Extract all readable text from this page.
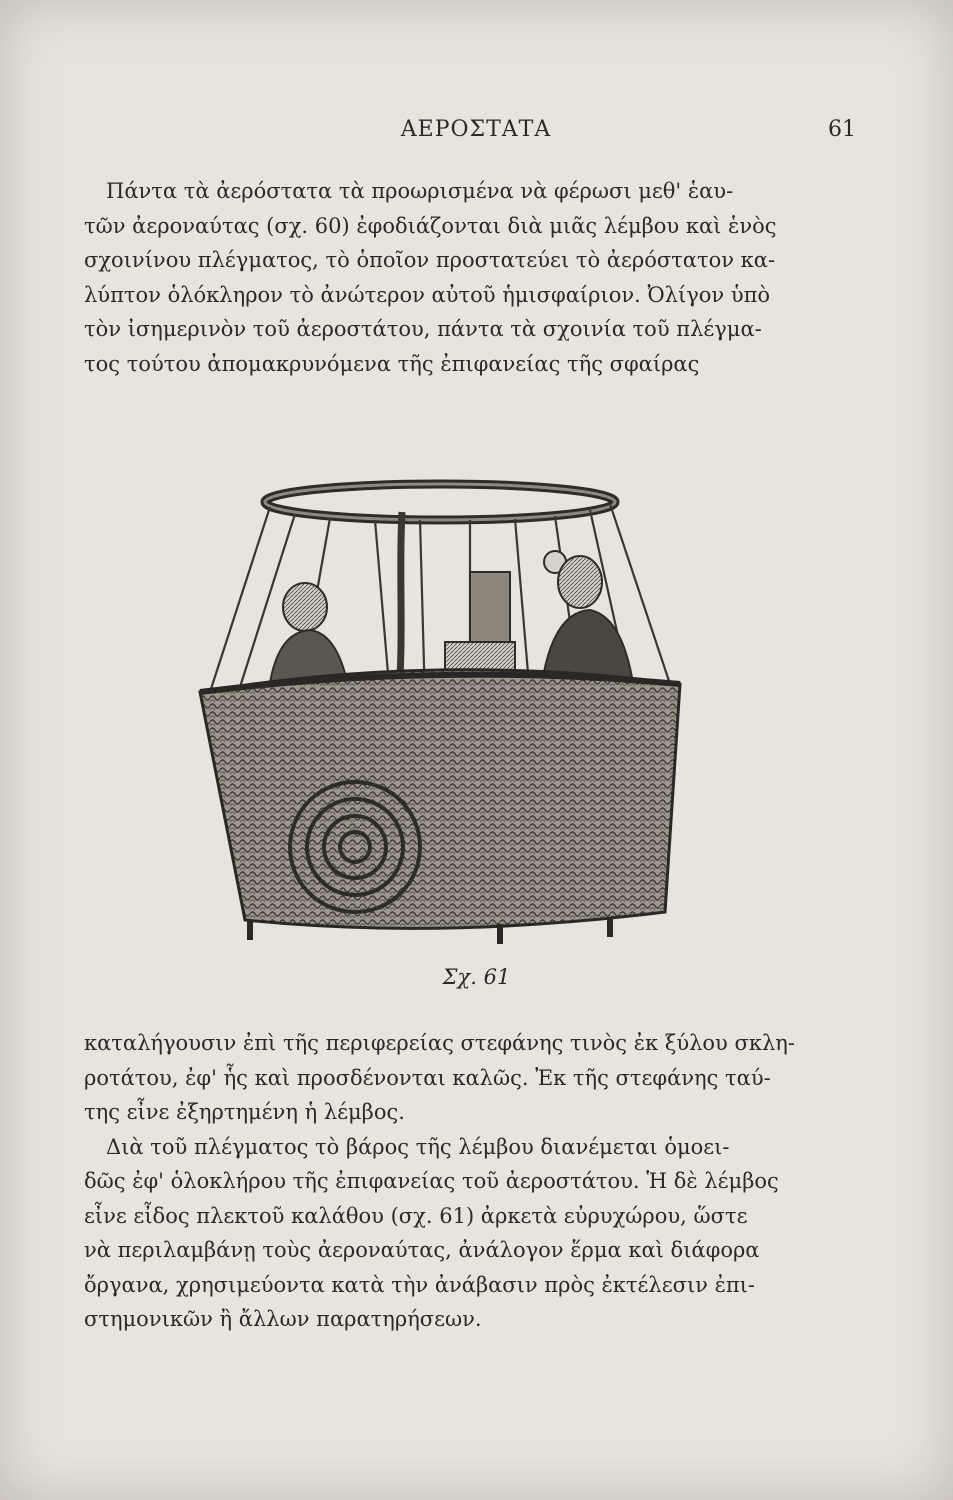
ΑΕΡΟΣΤΑΤΑ	61
Πάντα τὰ ἀερόστατα τὰ προωρισμένα νὰ φέρωσι μεθ' ἑαυ-
τῶν ἀεροναύτας (σχ. 60) ἐφοδιάζονται διὰ μιᾶς λέμβου καὶ ἑνὸς
σχοινίνου πλέγματος, τὸ ὁποῖον προστατεύει τὸ ἀερόστατον κα-
λύπτον ὁλόκληρον τὸ ἀνώτερον αὐτοῦ ἡμισφαίριον. Ὀλίγον ὑπὸ
τὸν ἰσημερινὸν τοῦ ἀεροστάτου, πάντα τὰ σχοινία τοῦ πλέγμα-
τος τούτου ἀπομακρυνόμενα τῆς ἐπιφανείας τῆς σφαίρας
Σχ. 61
καταλήγουσιν ἐπὶ τῆς περιφερείας στεφάνης τινὸς ἐκ ξύλου σκλη-
ροτάτου, ἐφ' ἧς καὶ προσδένονται καλῶς. Ἐκ τῆς στεφάνης ταύ-
της εἶνε ἐξηρτημένη ἡ λέμβος.
Διὰ τοῦ πλέγματος τὸ βάρος τῆς λέμβου διανέμεται ὁμοει-
δῶς ἐφ' ὁλοκλήρου τῆς ἐπιφανείας τοῦ ἀεροστάτου. Ἡ δὲ λέμβος
εἶνε εἶδος πλεκτοῦ καλάθου (σχ. 61) ἀρκετὰ εὐρυχώρου, ὥστε
νὰ περιλαμβάνῃ τοὺς ἀεροναύτας, ἀνάλογον ἕρμα καὶ διάφορα
ὄργανα, χρησιμεύοντα κατὰ τὴν ἀνάβασιν πρὸς ἐκτέλεσιν ἐπι-
στημονικῶν ἢ ἄλλων παρατηρήσεων.
